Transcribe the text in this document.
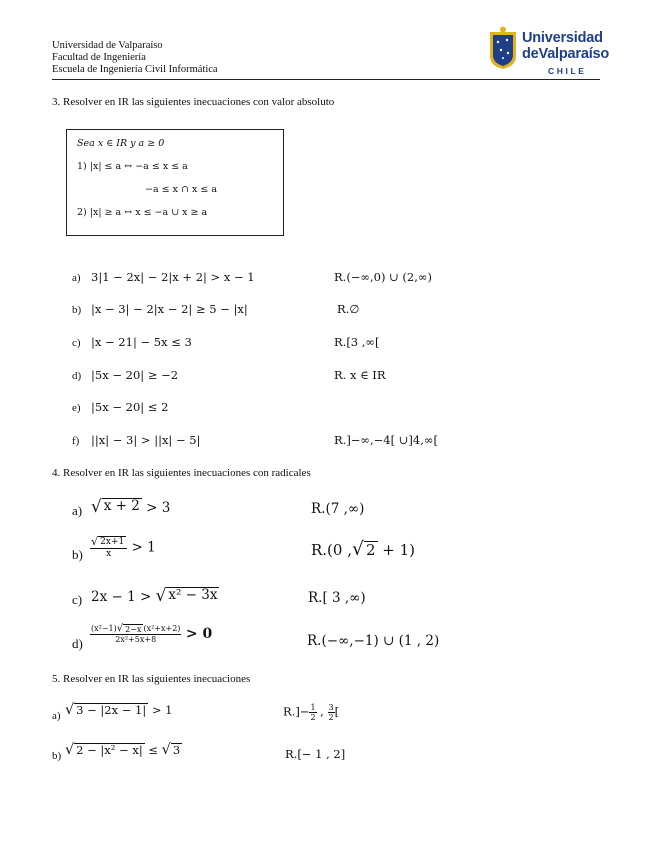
Universidad de Valparaíso
Facultad de Ingeniería
Escuela de Ingeniería Civil Informática
Universidad
deValparaíso
CHILE
3. Resolver en IR las siguientes inecuaciones con valor absoluto
Sea x ∈ IR y a ≥ 0
1) |x| ≤ a ↔ −a ≤ x ≤ a
−a ≤ x ∩ x ≤ a
2) |x| ≥ a ↔ x ≤ −a ∪ x ≥ a
a) 3|1 − 2x| − 2|x + 2| > x − 1	R.(−∞,0) ∪ (2,∞)
b) |x − 3| − 2|x − 2| ≥ 5 − |x|	R.∅
c) |x − 21| − 5x ≤ 3	R.[3 ,∞[
d) |5x − 20| ≥ −2	R. x ∈ IR
e) |5x − 20| ≤ 2
f) ||x| − 3| > ||x| − 5|	R.]−∞,−4[ ∪]4,∞[
4. Resolver en IR las siguientes inecuaciones con radicales
a) √ x + 2 > 3	R.(7 ,∞)
$b) \frac{√ 2x+1}{x} > 1$	R.(0 , √ 2 + 1)
c) 2x − 1 > √ x² − 3x	R.[ 3 ,∞)
$d) \frac{\text{(x²−1) √ 2−x (x²+x+2)}}{\text{2x²+5x+8}} > 0$	R.(−∞,−1) ∪ (1 , 2)
5. Resolver en IR las siguientes inecuaciones
a) √ 3 − |2x − 1| > 1	$R.]- \frac{1}{2}$ , $\frac{3}{2}$ [
b) √ 2 − |x² − x| ≤ √ 3	R.[− 1 , 2]
